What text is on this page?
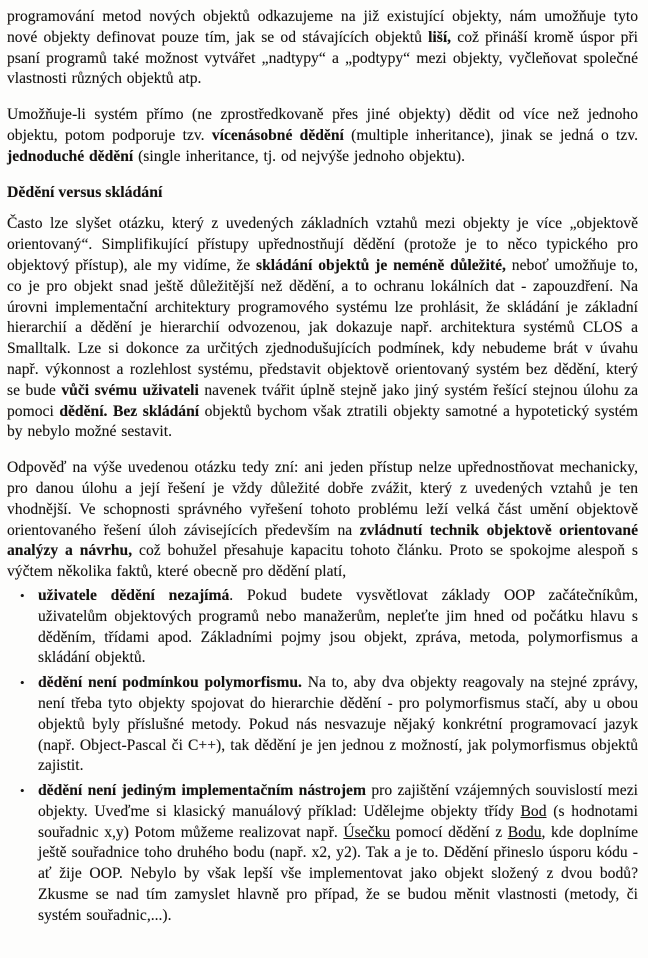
programování metod nových objektů odkazujeme na již existující objekty, nám umožňuje tyto nové objekty definovat pouze tím, jak se od stávajících objektů liší, což přináší kromě úspor při psaní programů také možnost vytvářet „nadtypy“ a „podtypy“ mezi objekty, vyčleňovat společné vlastnosti různých objektů atp.
Umožňuje-li systém přímo (ne zprostředkovaně přes jiné objekty) dědit od více než jednoho objektu, potom podporuje tzv. vícenásobné dědění (multiple inheritance), jinak se jedná o tzv. jednoduché dědění (single inheritance, tj. od nejvýše jednoho objektu).
Dědění versus skládání
Často lze slyšet otázku, který z uvedených základních vztahů mezi objekty je více „objektově orientovaný“. Simplifikující přístupy upřednostňují dědění (protože je to něco typického pro objektový přístup), ale my vidíme, že skládání objektů je neméně důležité, neboť umožňuje to, co je pro objekt snad ještě důležitější než dědění, a to ochranu lokálních dat - zapouzdření. Na úrovni implementační architektury programového systému lze prohlásit, že skládání je základní hierarchií a dědění je hierarchií odvozenou, jak dokazuje např. architektura systémů CLOS a Smalltalk. Lze si dokonce za určitých zjednodušujících podmínek, kdy nebudeme brát v úvahu např. výkonnost a rozlehlost systému, představit objektově orientovaný systém bez dědění, který se bude vůči svému uživateli navenek tvářit úplně stejně jako jiný systém řešící stejnou úlohu za pomoci dědění. Bez skládání objektů bychom však ztratili objekty samotné a hypotetický systém by nebylo možné sestavit.
Odpověď na výše uvedenou otázku tedy zní: ani jeden přístup nelze upřednostňovat mechanicky, pro danou úlohu a její řešení je vždy důležité dobře zvážit, který z uvedených vztahů je ten vhodnější. Ve schopnosti správného vyřešení tohoto problému leží velká část umění objektově orientovaného řešení úloh závisejících především na zvládnutí technik objektově orientované analýzy a návrhu, což bohužel přesahuje kapacitu tohoto článku. Proto se spokojme alespoň s výčtem několika faktů, které obecně pro dědění platí,
• uživatele dědění nezajímá. Pokud budete vysvětlovat základy OOP začátečníkům, uživatelům objektových programů nebo manažerům, nepleťte jim hned od počátku hlavu s děděním, třídami apod. Základními pojmy jsou objekt, zpráva, metoda, polymorfismus a skládání objektů.
• dědění není podmínkou polymorfismu. Na to, aby dva objekty reagovaly na stejné zprávy, není třeba tyto objekty spojovat do hierarchie dědění - pro polymorfismus stačí, aby u obou objektů byly příslušné metody. Pokud nás nesvazuje nějaký konkrétní programovací jazyk (např. Object-Pascal či C++), tak dědění je jen jednou z možností, jak polymorfismus objektů zajistit.
• dědění není jediným implementačním nástrojem pro zajištění vzájemných souvislostí mezi objekty. Uveďme si klasický manuálový příklad: Udělejme objekty třídy Bod (s hodnotami souřadnic x,y) Potom můžeme realizovat např. Úsečku pomocí dědění z Bodu, kde doplníme ještě souřadnice toho druhého bodu (např. x2, y2). Tak a je to. Dědění přineslo úsporu kódu - ať žije OOP. Nebylo by však lepší vše implementovat jako objekt složený z dvou bodů? Zkusme se nad tím zamyslet hlavně pro případ, že se budou měnit vlastnosti (metody, či systém souřadnic,...).
